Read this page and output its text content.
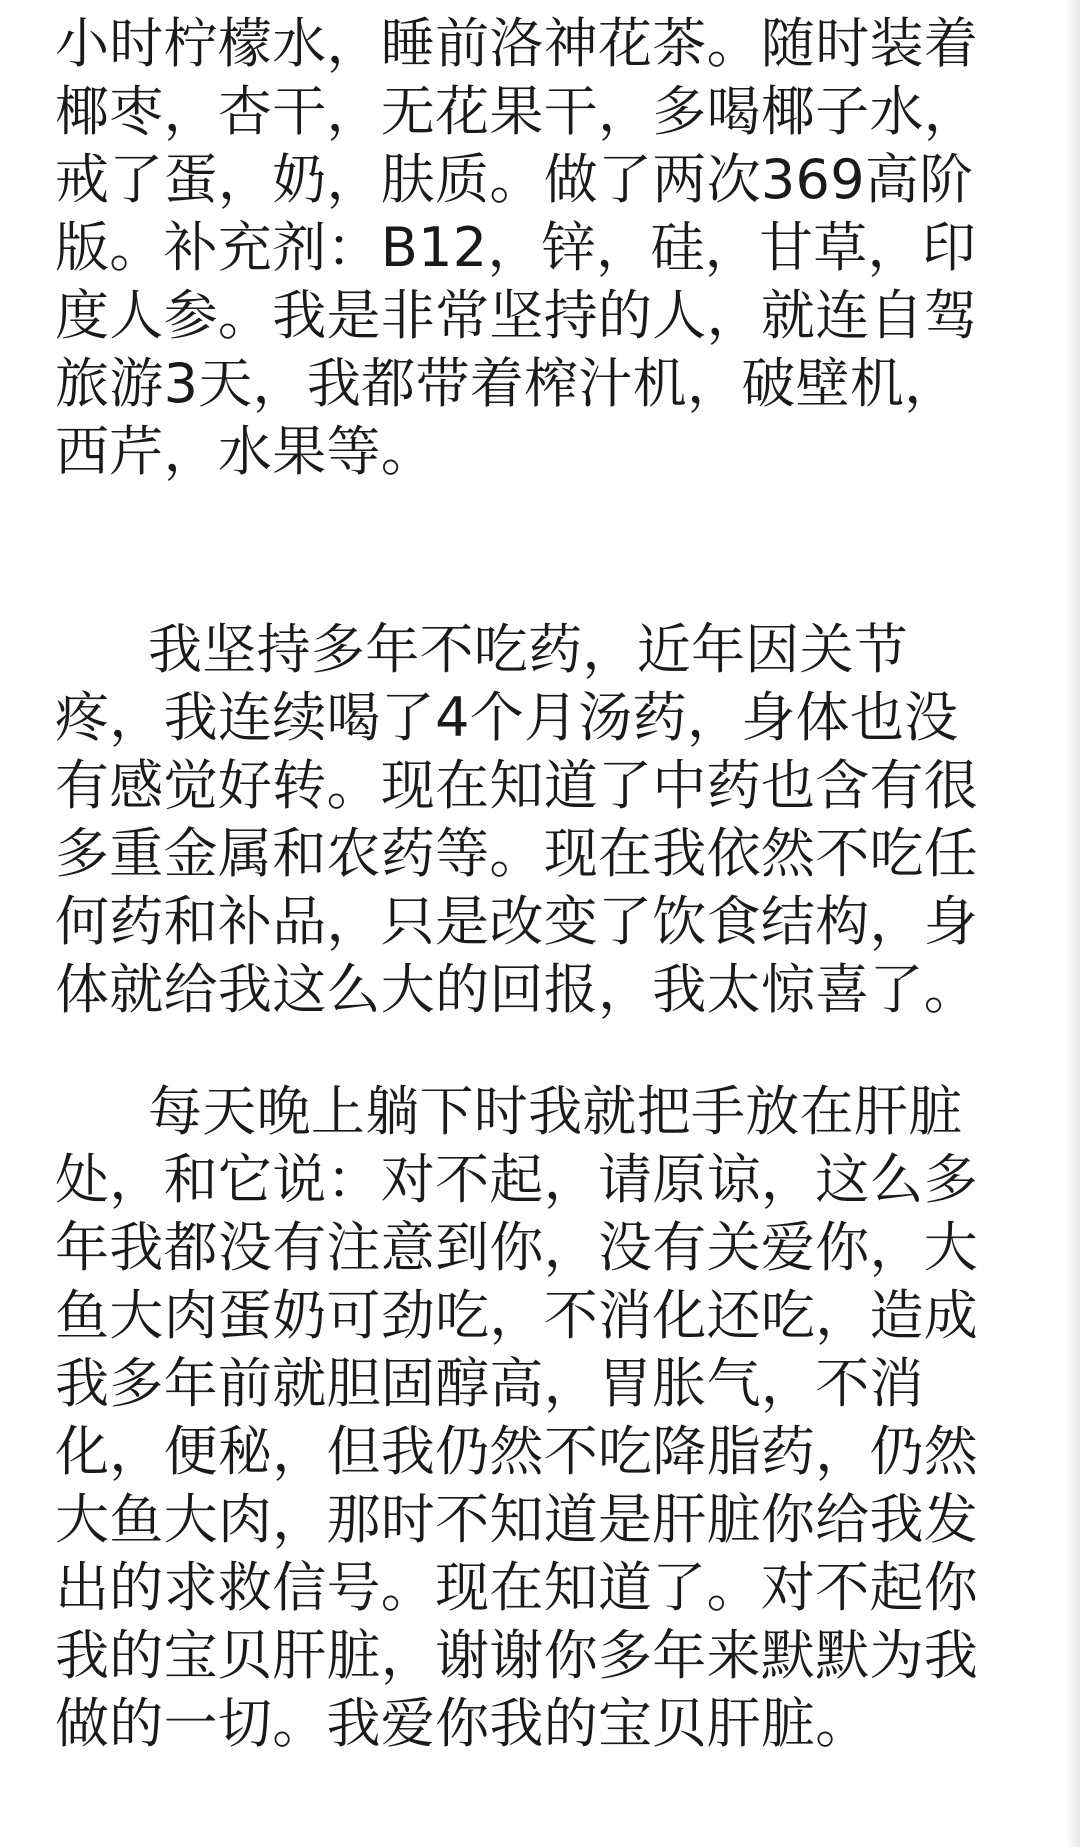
小时柠檬水，睡前洛神花茶。随时装着
椰枣，杏干，无花果干，多喝椰子水，
戒了蛋，奶，肤质。做了两次369高阶
版。补充剂：B12，锌，硅，甘草，印
度人参。我是非常坚持的人，就连自驾
旅游3天，我都带着榨汁机，破壁机，
西芹，水果等。
我坚持多年不吃药，近年因关节
疼，我连续喝了4个月汤药，身体也没
有感觉好转。现在知道了中药也含有很
多重金属和农药等。现在我依然不吃任
何药和补品，只是改变了饮食结构，身
体就给我这么大的回报，我太惊喜了。
每天晚上躺下时我就把手放在肝脏
处，和它说：对不起，请原谅，这么多
年我都没有注意到你，没有关爱你，大
鱼大肉蛋奶可劲吃，不消化还吃，造成
我多年前就胆固醇高，胃胀气，不消
化，便秘，但我仍然不吃降脂药，仍然
大鱼大肉，那时不知道是肝脏你给我发
出的求救信号。现在知道了。对不起你
我的宝贝肝脏，谢谢你多年来默默为我
做的一切。我爱你我的宝贝肝脏。
